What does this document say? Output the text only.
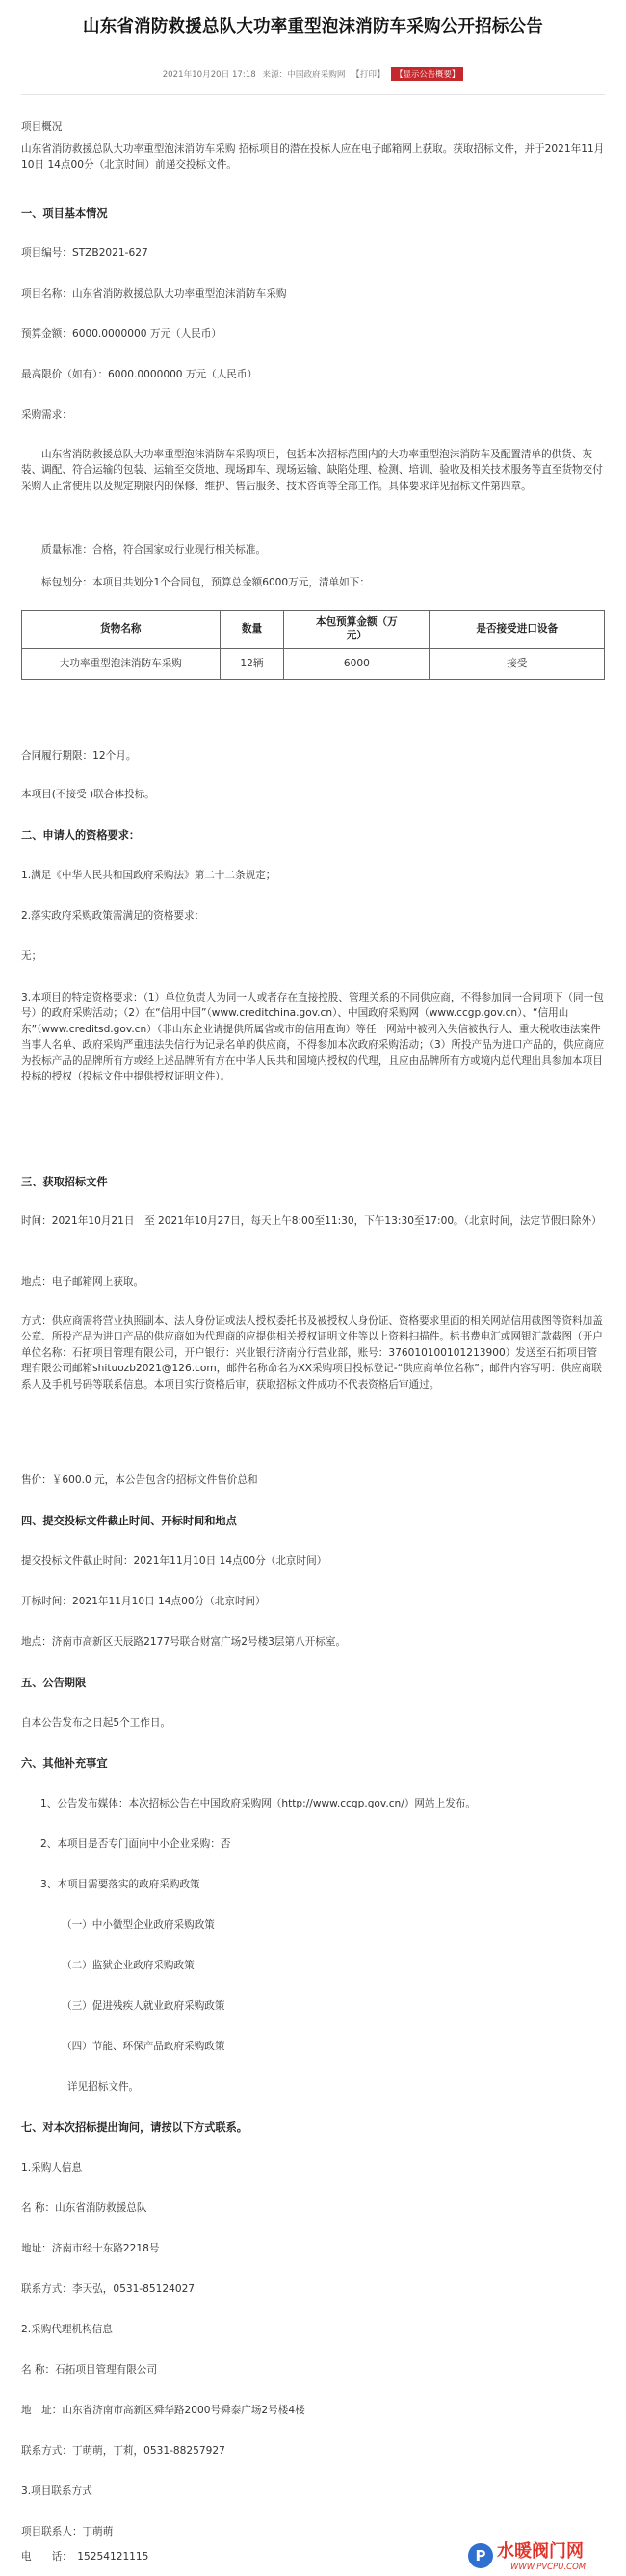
山东省消防救援总队大功率重型泡沫消防车采购公开招标公告
2021年10月20日 17:18 来源：中国政府采购网 【打印】 【显示公告概要】
项目概况
山东省消防救援总队大功率重型泡沫消防车采购 招标项目的潜在投标人应在电子邮箱网上获取。获取招标文件，并于2021年11月10日 14点00分（北京时间）前递交投标文件。
一、项目基本情况
项目编号：STZB2021-627
项目名称：山东省消防救援总队大功率重型泡沫消防车采购
预算金额：6000.0000000 万元（人民币）
最高限价（如有）：6000.0000000 万元（人民币）
采购需求：
山东省消防救援总队大功率重型泡沫消防车采购项目，包括本次招标范围内的大功率重型泡沫消防车及配置清单的供货、灰装、调配、符合运输的包装、运输至交货地、现场卸车、现场运输、缺陷处理、检测、培训、验收及相关技术服务等直至货物交付采购人正常使用以及规定期限内的保修、维护、售后服务、技术咨询等全部工作。具体要求详见招标文件第四章。
质量标准：合格，符合国家或行业现行相关标准。
标包划分：本项目共划分1个合同包，预算总金额6000万元，清单如下：
货物名称	数量	本包预算金额（万元）	是否接受进口设备
大功率重型泡沫消防车采购	12辆	6000	接受
合同履行期限：12个月。
本项目(不接受 )联合体投标。
二、申请人的资格要求：
1.满足《中华人民共和国政府采购法》第二十二条规定；
2.落实政府采购政策需满足的资格要求：
无；
3.本项目的特定资格要求：（1）单位负责人为同一人或者存在直接控股、管理关系的不同供应商，不得参加同一合同项下（同一包号）的政府采购活动；（2）在“信用中国”（www.creditchina.gov.cn）、中国政府采购网（www.ccgp.gov.cn）、“信用山东”（www.creditsd.gov.cn）（非山东企业请提供所属省或市的信用查询）等任一网站中被列入失信被执行人、重大税收违法案件当事人名单、政府采购严重违法失信行为记录名单的供应商，不得参加本次政府采购活动；（3）所投产品为进口产品的，供应商应为投标产品的品牌所有方或经上述品牌所有方在中华人民共和国境内授权的代理，且应由品牌所有方或境内总代理出具参加本项目投标的授权（投标文件中提供授权证明文件）。
三、获取招标文件
时间：2021年10月21日　至 2021年10月27日，每天上午8:00至11:30，下午13:30至17:00。（北京时间，法定节假日除外）
地点：电子邮箱网上获取。
方式：供应商需将营业执照副本、法人身份证或法人授权委托书及被授权人身份证、资格要求里面的相关网站信用截图等资料加盖公章、所投产品为进口产品的供应商如为代理商的应提供相关授权证明文件等以上资料扫描件。标书费电汇或网银汇款截图（开户单位名称：石拓项目管理有限公司，开户银行：兴业银行济南分行营业部，账号：376010100101213900）发送至石拓项目管理有限公司邮箱shituozb2021@126.com，邮件名称命名为XX采购项目投标登记-“供应商单位名称”；邮件内容写明：供应商联系人及手机号码等联系信息。本项目实行资格后审，获取招标文件成功不代表资格后审通过。
售价：￥600.0 元，本公告包含的招标文件售价总和
四、提交投标文件截止时间、开标时间和地点
提交投标文件截止时间：2021年11月10日 14点00分（北京时间）
开标时间：2021年11月10日 14点00分（北京时间）
地点：济南市高新区天辰路2177号联合财富广场2号楼3层第八开标室。
五、公告期限
自本公告发布之日起5个工作日。
六、其他补充事宜
1、公告发布媒体：本次招标公告在中国政府采购网（http://www.ccgp.gov.cn/）网站上发布。
2、本项目是否专门面向中小企业采购：否
3、本项目需要落实的政府采购政策
（一）中小微型企业政府采购政策
（二）监狱企业政府采购政策
（三）促进残疾人就业政府采购政策
（四）节能、环保产品政府采购政策
详见招标文件。
七、对本次招标提出询问，请按以下方式联系。
1.采购人信息
名 称：山东省消防救援总队
地址：济南市经十东路2218号
联系方式：李天弘，0531-85124027
2.采购代理机构信息
名 称：石拓项目管理有限公司
地　址：山东省济南市高新区舜华路2000号舜泰广场2号楼4楼
联系方式：丁萌萌，丁莉，0531-88257927
3.项目联系方式
项目联系人：丁萌萌
电　　话：　15254121115	P 水暖阀门网
WWW.PVCPU.COM
